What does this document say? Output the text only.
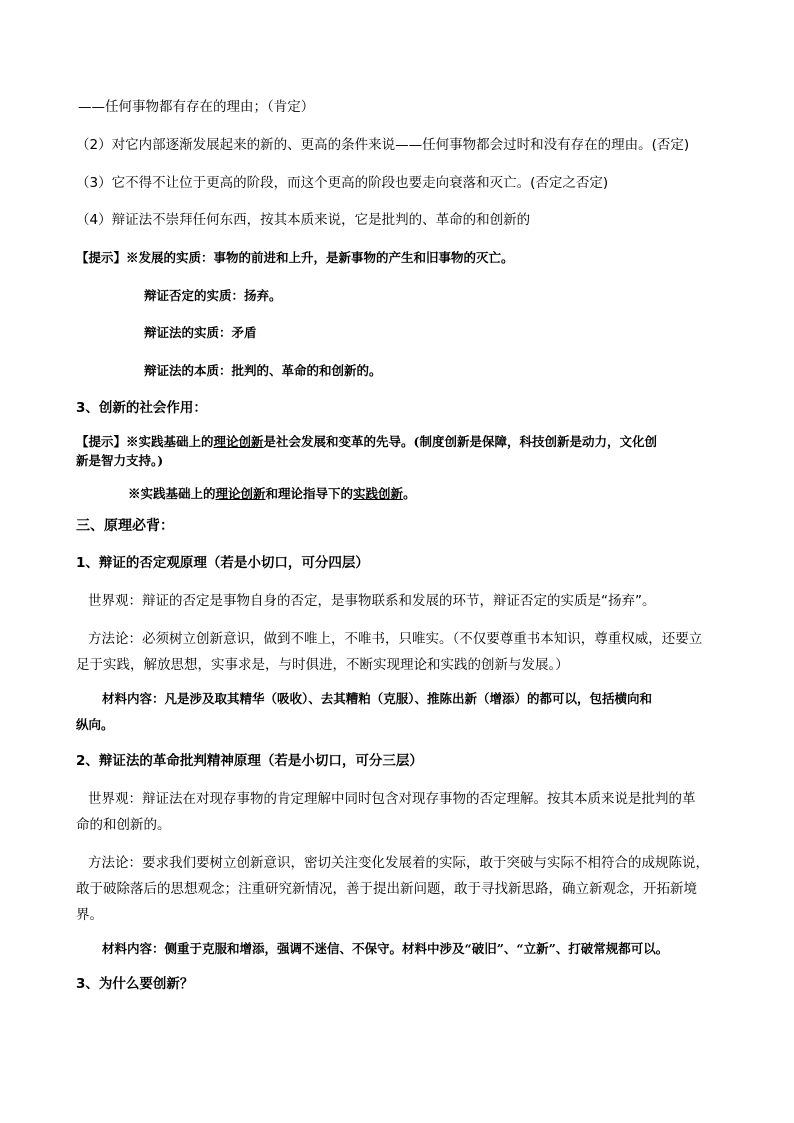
——任何事物都有存在的理由；（肯定）
（2）对它内部逐渐发展起来的新的、更高的条件来说——任何事物都会过时和没有存在的理由。(否定)
（3）它不得不让位于更高的阶段，而这个更高的阶段也要走向衰落和灭亡。(否定之否定)
（4）辩证法不崇拜任何东西，按其本质来说，它是批判的、革命的和创新的
【提示】※发展的实质：事物的前进和上升，是新事物的产生和旧事物的灭亡。
辩证否定的实质：扬弃。
辩证法的实质：矛盾
辩证法的本质：批判的、革命的和创新的。
3、创新的社会作用：
【提示】※实践基础上的理论创新是社会发展和变革的先导。(制度创新是保障，科技创新是动力，文化创
新是智力支持。)
※实践基础上的理论创新和理论指导下的实践创新。
三、原理必背：
1、辩证的否定观原理（若是小切口，可分四层）
世界观：辩证的否定是事物自身的否定，是事物联系和发展的环节，辩证否定的实质是“扬弃”。
方法论：必须树立创新意识，做到不唯上，不唯书，只唯实。（不仅要尊重书本知识，尊重权威，还要立
足于实践，解放思想，实事求是，与时俱进，不断实现理论和实践的创新与发展。）
材料内容：凡是涉及取其精华（吸收）、去其糟粕（克服）、推陈出新（增添）的都可以，包括横向和
纵向。
2、辩证法的革命批判精神原理（若是小切口，可分三层）
世界观：辩证法在对现存事物的肯定理解中同时包含对现存事物的否定理解。按其本质来说是批判的革
命的和创新的。
方法论：要求我们要树立创新意识，密切关注变化发展着的实际，敢于突破与实际不相符合的成规陈说，
敢于破除落后的思想观念；注重研究新情况，善于提出新问题，敢于寻找新思路，确立新观念，开拓新境
界。
材料内容：侧重于克服和增添，强调不迷信、不保守。材料中涉及“破旧”、“立新”、打破常规都可以。
3、为什么要创新？
